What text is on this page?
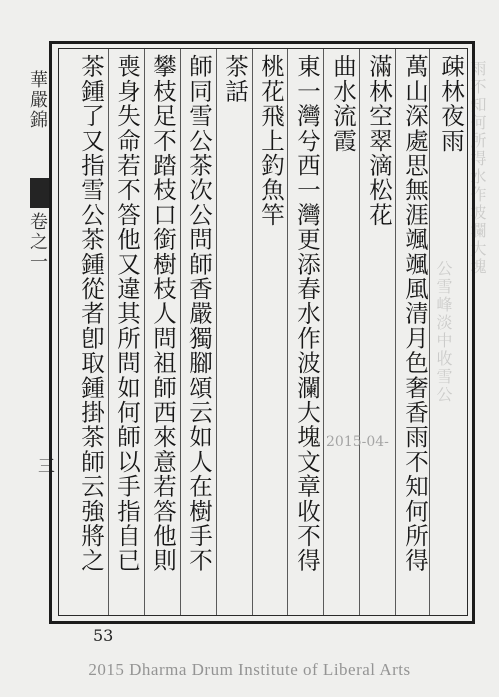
雨不知何所得水作波瀾大塊
公雪峰淡中收雪公
華嚴錦
卷之一
三
疎林夜雨
萬山深處思無涯颯颯風清月色奢香雨不知何所得
滿林空翠滴松花
曲水流霞
東一灣兮西一灣更添春水作波瀾大塊文章收不得
桃花飛上釣魚竿
茶話
師同雪公茶次公問師香嚴獨腳頌云如人在樹手不
攀枝足不踏枝口銜樹枝人問祖師西來意若答他則
喪身失命若不答他又違其所問如何師以手指自已
茶鍾了又指雪公茶鍾從者卽取鍾掛茶師云強將之	2015-04-
53
2015 Dharma Drum Institute of Liberal Arts
